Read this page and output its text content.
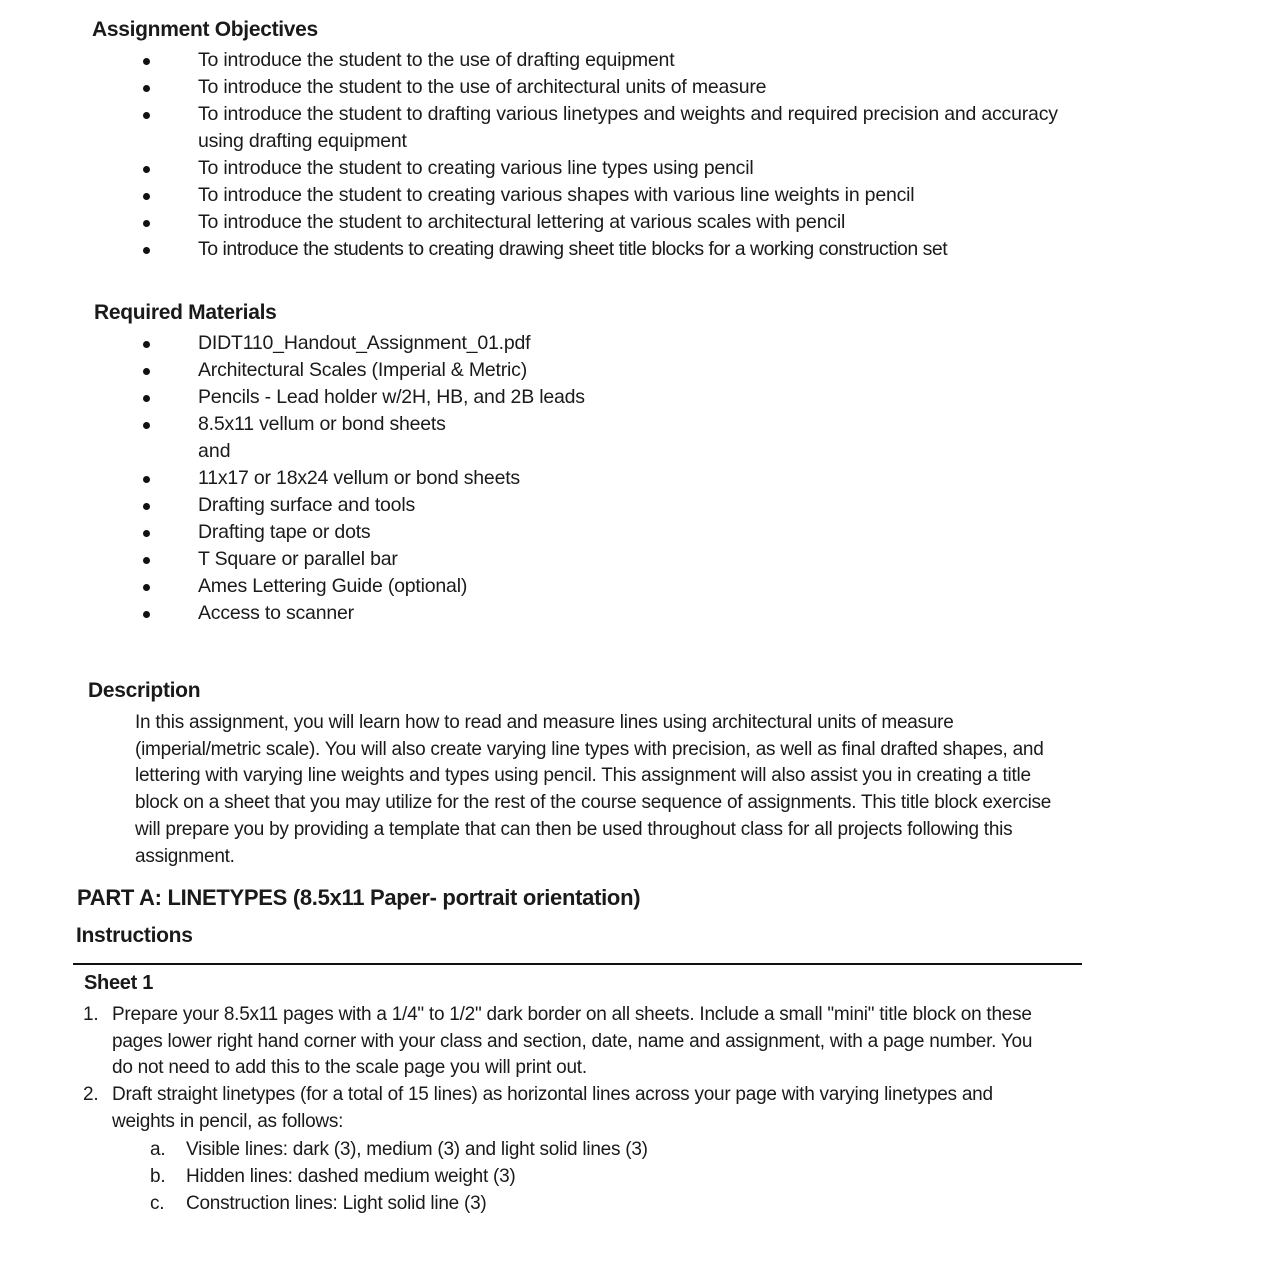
Assignment Objectives
To introduce the student to the use of drafting equipment
To introduce the student to the use of architectural units of measure
To introduce the student to drafting various linetypes and weights and required precision and accuracy using drafting equipment
To introduce the student to creating various line types using pencil
To introduce the student to creating various shapes with various line weights in pencil
To introduce the student to architectural lettering at various scales with pencil
To introduce the students to creating drawing sheet title blocks for a working construction set
Required Materials
DIDT110_Handout_Assignment_01.pdf
Architectural Scales (Imperial & Metric)
Pencils - Lead holder w/2H, HB, and 2B leads
8.5x11 vellum or bond sheets
and
11x17 or 18x24 vellum or bond sheets
Drafting surface and tools
Drafting tape or dots
T Square or parallel bar
Ames Lettering Guide (optional)
Access to scanner
Description

In this assignment, you will learn how to read and measure lines using architectural units of measure (imperial/metric scale). You will also create varying line types with precision, as well as final drafted shapes, and lettering with varying line weights and types using pencil. This assignment will also assist you in creating a title block on a sheet that you may utilize for the rest of the course sequence of assignments. This title block exercise will prepare you by providing a template that can then be used throughout class for all projects following this assignment.

PART A: LINETYPES (8.5x11 Paper- portrait orientation)
Instructions
Sheet 1
1. Prepare your 8.5x11 pages with a 1/4" to 1/2" dark border on all sheets. Include a small "mini" title block on these pages lower right hand corner with your class and section, date, name and assignment, with a page number. You do not need to add this to the scale page you will print out.
2. Draft straight linetypes (for a total of 15 lines) as horizontal lines across your page with varying linetypes and weights in pencil, as follows:
a. Visible lines: dark (3), medium (3) and light solid lines (3)
b. Hidden lines: dashed medium weight (3)
c. Construction lines: Light solid line (3)
